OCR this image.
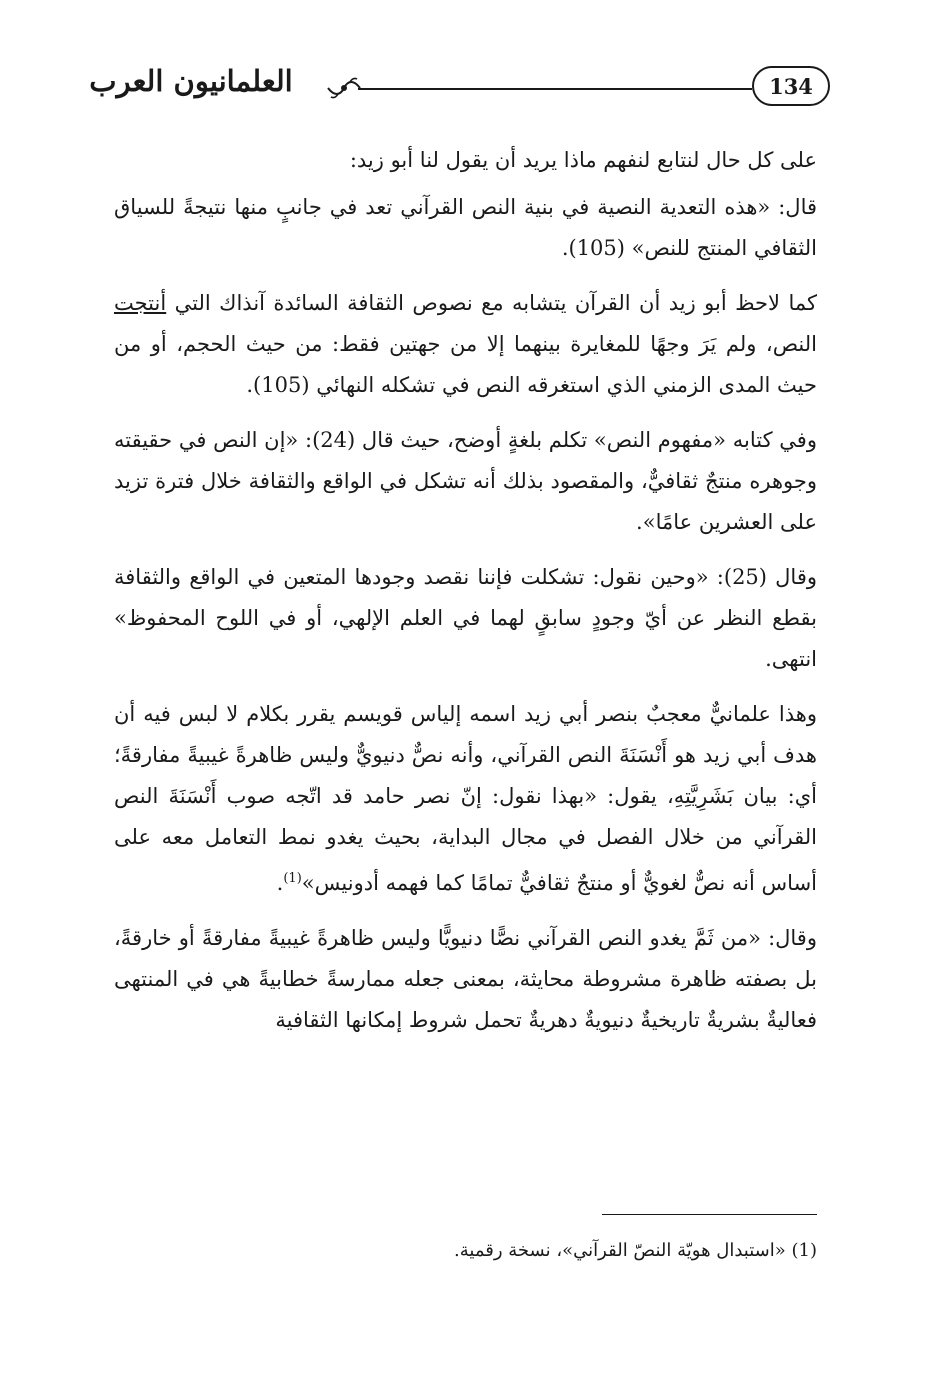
134
العلمانيون العرب

على كل حال لنتابع لنفهم ماذا يريد أن يقول لنا أبو زيد:

قال: «هذه التعدية النصية في بنية النص القرآني تعد في جانبٍ منها نتيجةً للسياق الثقافي المنتج للنص» (105).

كما لاحظ أبو زيد أن القرآن يتشابه مع نصوص الثقافة السائدة آنذاك التي أنتجت النص، ولم يَرَ وجهًا للمغايرة بينهما إلا من جهتين فقط: من حيث الحجم، أو من حيث المدى الزمني الذي استغرقه النص في تشكله النهائي (105).

وفي كتابه «مفهوم النص» تكلم بلغةٍ أوضح، حيث قال (24): «إن النص في حقيقته وجوهره منتجٌ ثقافيٌّ، والمقصود بذلك أنه تشكل في الواقع والثقافة خلال فترة تزيد على العشرين عامًا».

وقال (25): «وحين نقول: تشكلت فإننا نقصد وجودها المتعين في الواقع والثقافة بقطع النظر عن أيّ وجودٍ سابقٍ لهما في العلم الإلهي، أو في اللوح المحفوظ» انتهى.

وهذا علمانيٌّ معجبٌ بنصر أبي زيد اسمه إلياس قويسم يقرر بكلام لا لبس فيه أن هدف أبي زيد هو أَنْسَنَةَ النص القرآني، وأنه نصٌّ دنيويٌّ وليس ظاهرةً غيبيةً مفارقةً؛ أي: بيان بَشَرِيَّتِهِ، يقول: «بهذا نقول: إنّ نصر حامد قد اتّجه صوب أَنْسَنَةَ النص القرآني من خلال الفصل في مجال البداية، بحيث يغدو نمط التعامل معه على أساس أنه نصٌّ لغويٌّ أو منتجٌ ثقافيٌّ تمامًا كما فهمه أدونيس»$^{(1)}$.

وقال: «من ثَمَّ يغدو النص القرآني نصًّا دنيويًّا وليس ظاهرةً غيبيةً مفارقةً أو خارقةً، بل بصفته ظاهرة مشروطة محايثة، بمعنى جعله ممارسةً خطابيةً هي في المنتهى فعاليةٌ بشريةٌ تاريخيةٌ دنيويةٌ دهريةٌ تحمل شروط إمكانها الثقافية

(1) «استبدال هويّة النصّ القرآني»، نسخة رقمية.
